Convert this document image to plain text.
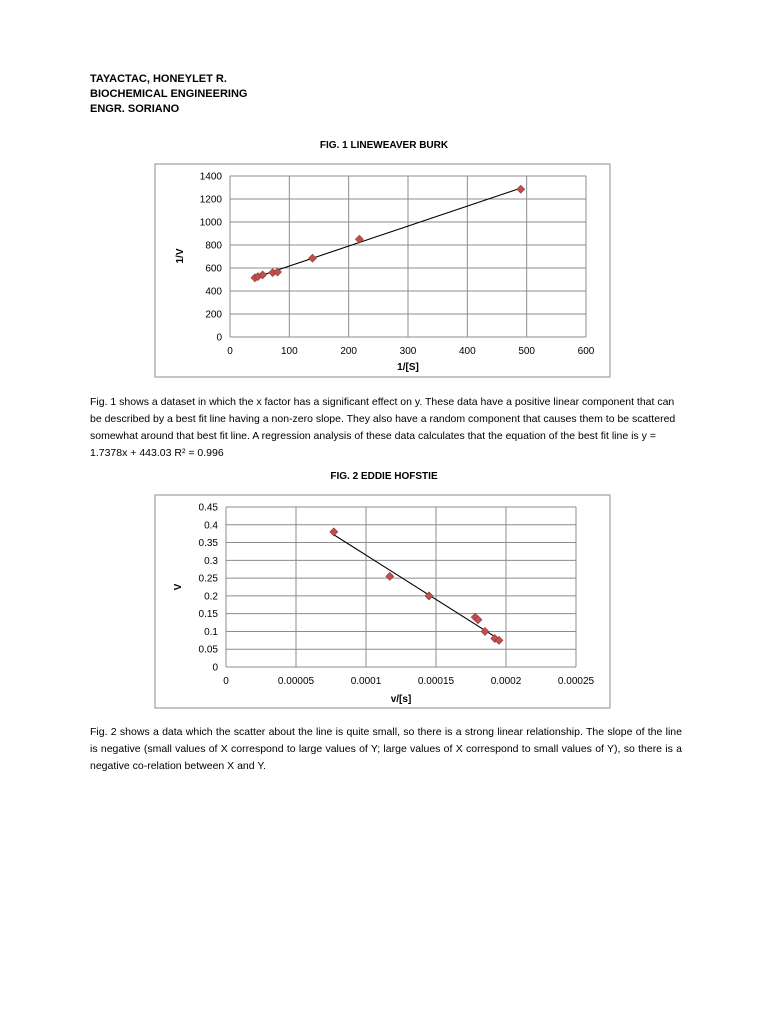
TAYACTAC, HONEYLET R.
BIOCHEMICAL ENGINEERING
ENGR. SORIANO
FIG. 1 LINEWEAVER BURK
Fig. 1 shows a dataset in which the x factor has a significant effect on y. These data have a positive linear component that can be described by a best fit line having a non-zero slope. They also have a random component that causes them to be scattered somewhat around that best fit line. A regression analysis of these data calculates that the equation of the best fit line is y = 1.7378x + 443.03 R² = 0.996
FIG. 2 EDDIE HOFSTIE
Fig. 2 shows a data which the scatter about the line is quite small, so there is a strong linear relationship. The slope of the line is negative (small values of X correspond to large values of Y; large values of X correspond to small values of Y), so there is a negative co-relation between X and Y.
0
200
400
600
800
1000
1200
1400
0	100	200	300	400	500	600
1/[S]
1/V
0
0.05
0.1
0.15
0.2
0.25
0.3
0.35
0.4
0.45
0	0.00005	0.0001	0.00015	0.0002	0.00025
v/[s]
V
